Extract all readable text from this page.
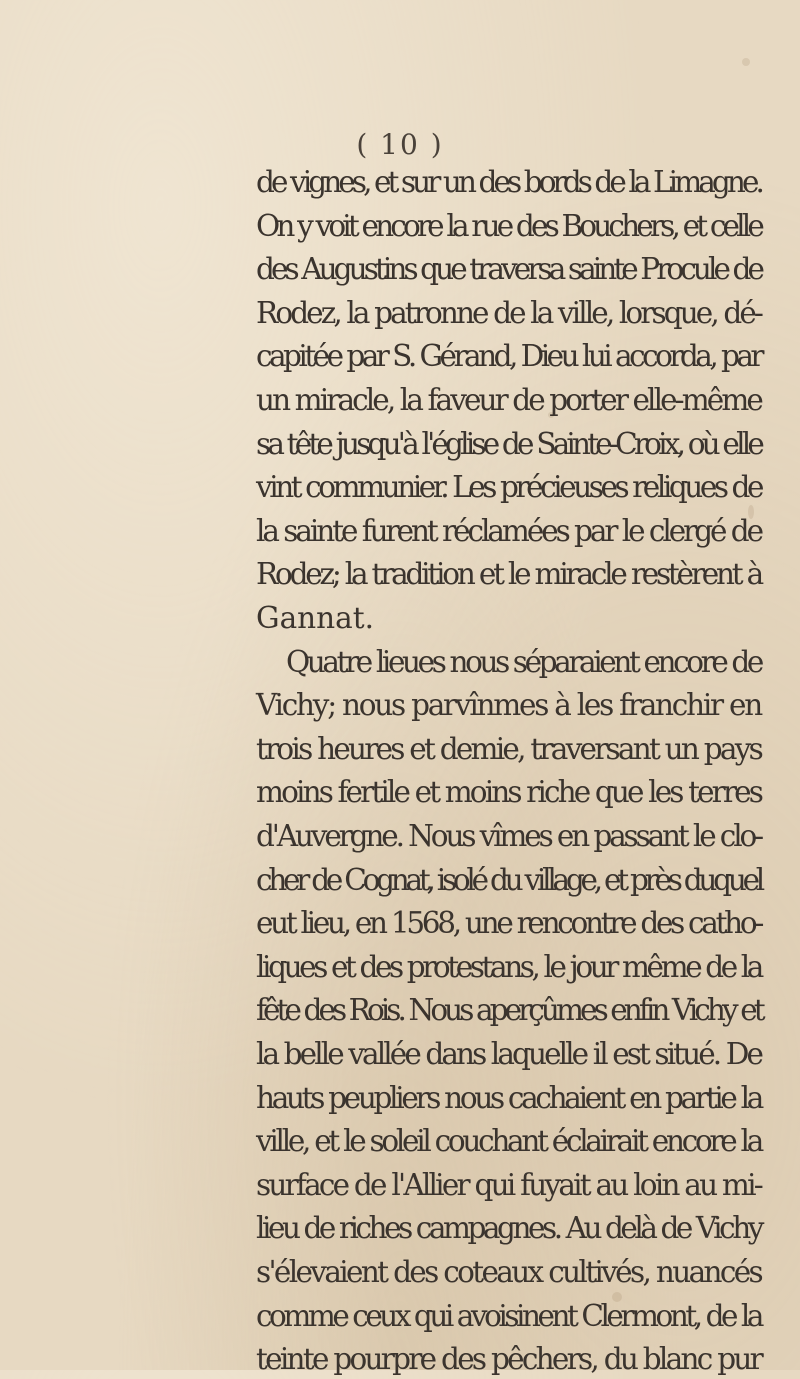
( 10 )
de vignes, et sur un des bords de la Limagne.
On y voit encore la rue des Bouchers, et celle
des Augustins que traversa sainte Procule de
Rodez, la patronne de la ville, lorsque, dé-
capitée par S. Gérand, Dieu lui accorda, par
un miracle, la faveur de porter elle-même
sa tête jusqu'à l'église de Sainte-Croix, où elle
vint communier. Les précieuses reliques de
la sainte furent réclamées par le clergé de
Rodez; la tradition et le miracle restèrent à
Gannat.
Quatre lieues nous séparaient encore de
Vichy; nous parvînmes à les franchir en
trois heures et demie, traversant un pays
moins fertile et moins riche que les terres
d'Auvergne. Nous vîmes en passant le clo-
cher de Cognat, isolé du village, et près duquel
eut lieu, en 1568, une rencontre des catho-
liques et des protestans, le jour même de la
fête des Rois. Nous aperçûmes enfin Vichy et
la belle vallée dans laquelle il est situé. De
hauts peupliers nous cachaient en partie la
ville, et le soleil couchant éclairait encore la
surface de l'Allier qui fuyait au loin au mi-
lieu de riches campagnes. Au delà de Vichy
s'élevaient des coteaux cultivés, nuancés
comme ceux qui avoisinent Clermont, de la
teinte pourpre des pêchers, du blanc pur
